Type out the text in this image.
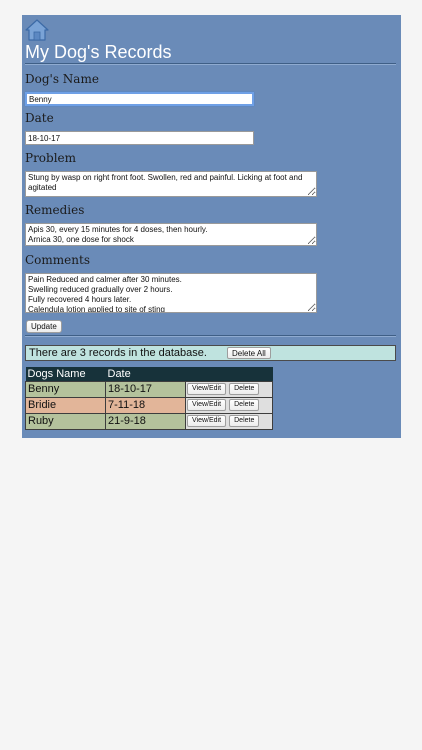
My Dog's Records
Dog's Name
Benny
Date
18-10-17
Problem
Stung by wasp on right front foot. Swollen, red and painful. Licking at foot and agitated
Remedies
Apis 30, every 15 minutes for 4 doses, then hourly. Arnica 30, one dose for shock
Comments
Pain Reduced and calmer after 30 minutes. Swelling reduced gradually over 2 hours. Fully recovered 4 hours later. Calendula lotion applied to site of sting
Update
There are 3 records in the database.	Delete All
Dogs Name	Date	
Benny	18-10-17	View/Edit Delete
Bridie	7-11-18	View/Edit Delete
Ruby	21-9-18	View/Edit Delete
